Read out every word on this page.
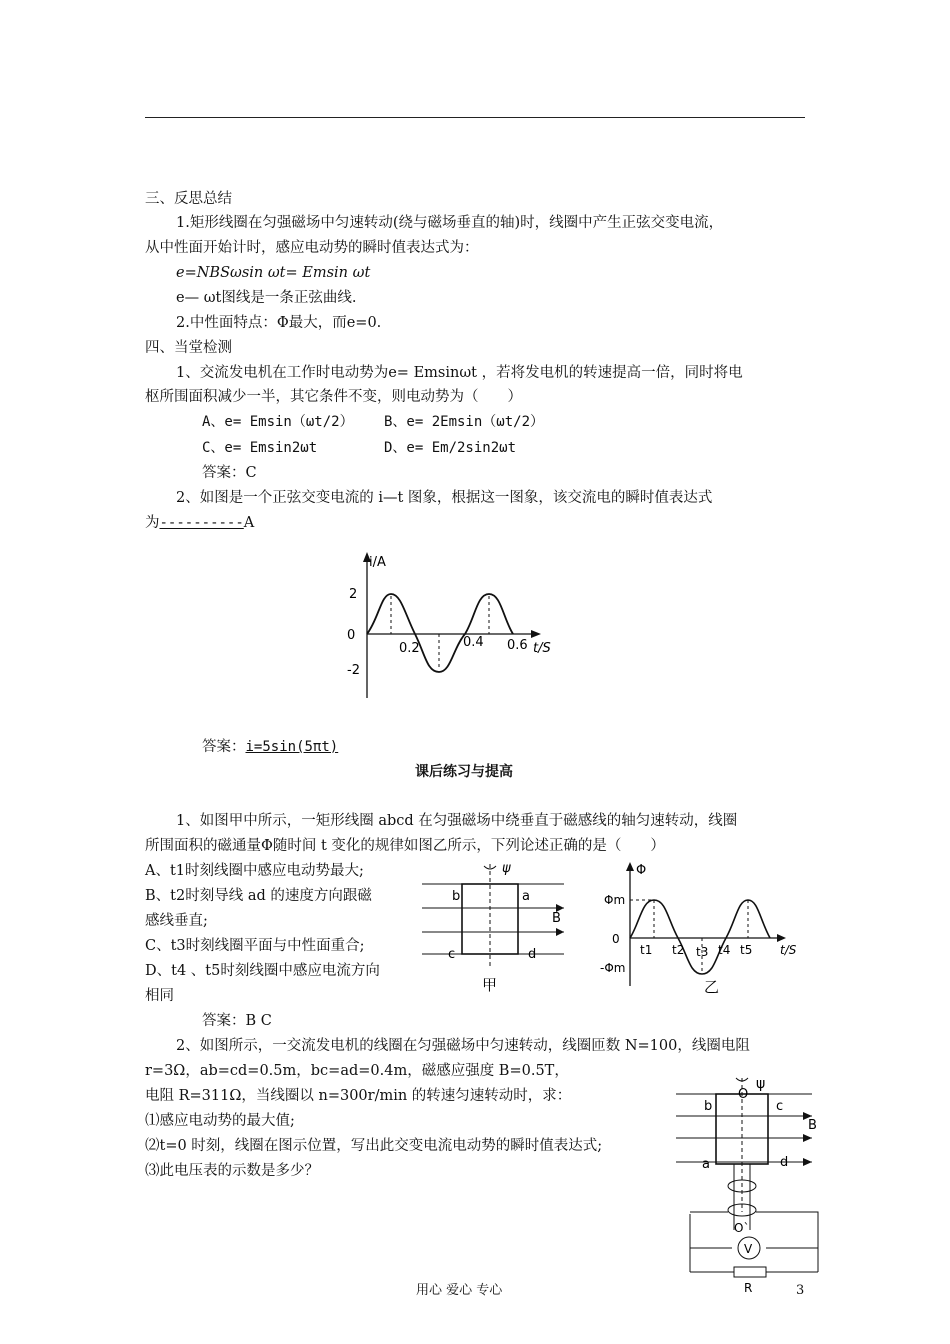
三、反思总结
1.矩形线圈在匀强磁场中匀速转动(绕与磁场垂直的轴)时，线圈中产生正弦交变电流，
从中性面开始计时，感应电动势的瞬时值表达式为：
e=NBSωsin ωt= Emsin ωt
e— ωt图线是一条正弦曲线.
2.中性面特点：Φ最大，而e=0.
四、当堂检测
1、交流发电机在工作时电动势为e= Emsinωt ，若将发电机的转速提高一倍，同时将电
枢所围面积减少一半，其它条件不变，则电动势为（　　）
A、e= Emsin（ωt/2） B、e= 2Emsin（ωt/2）
C、e= Emsin2ωt	D、e= Em/2sin2ωt
答案：C
2、如图是一个正弦交变电流的 i—t 图象，根据这一图象，该交流电的瞬时值表达式
为----------A
i/A
2
0
-2
0.2	0.4 0.6 t/S
答案：i=5sin(5πt)
课后练习与提高
1、如图甲中所示，一矩形线圈 abcd 在匀强磁场中绕垂直于磁感线的轴匀速转动，线圈
所围面积的磁通量Φ随时间 t 变化的规律如图乙所示，下列论述正确的是（　　）
A、t1时刻线圈中感应电动势最大;
B、t2时刻导线 ad 的速度方向跟磁
感线垂直;
C、t3时刻线圈平面与中性面重合;
D、t4 、t5时刻线圈中感应电流方向
相同
ψ
b	a
B
c	d
甲
Φ
Φm
0
-Φm
t1 t2 t3 t4 t5 t/S
乙
答案：B C
2、如图所示，一交流发电机的线圈在匀强磁场中匀速转动，线圈匝数 N=100，线圈电阻
r=3Ω，ab=cd=0.5m，bc=ad=0.4m，磁感应强度 B=0.5T，
电阻 R=311Ω，当线圈以 n=300r/min 的转速匀速转动时，求：
⑴感应电动势的最大值;
⑵t=0 时刻，线圈在图示位置，写出此交变电流电动势的瞬时值表达式;
⑶此电压表的示数是多少？
O
ψ
b	c
B
a	d
O`
V
R
用心 爱心 专心	3
